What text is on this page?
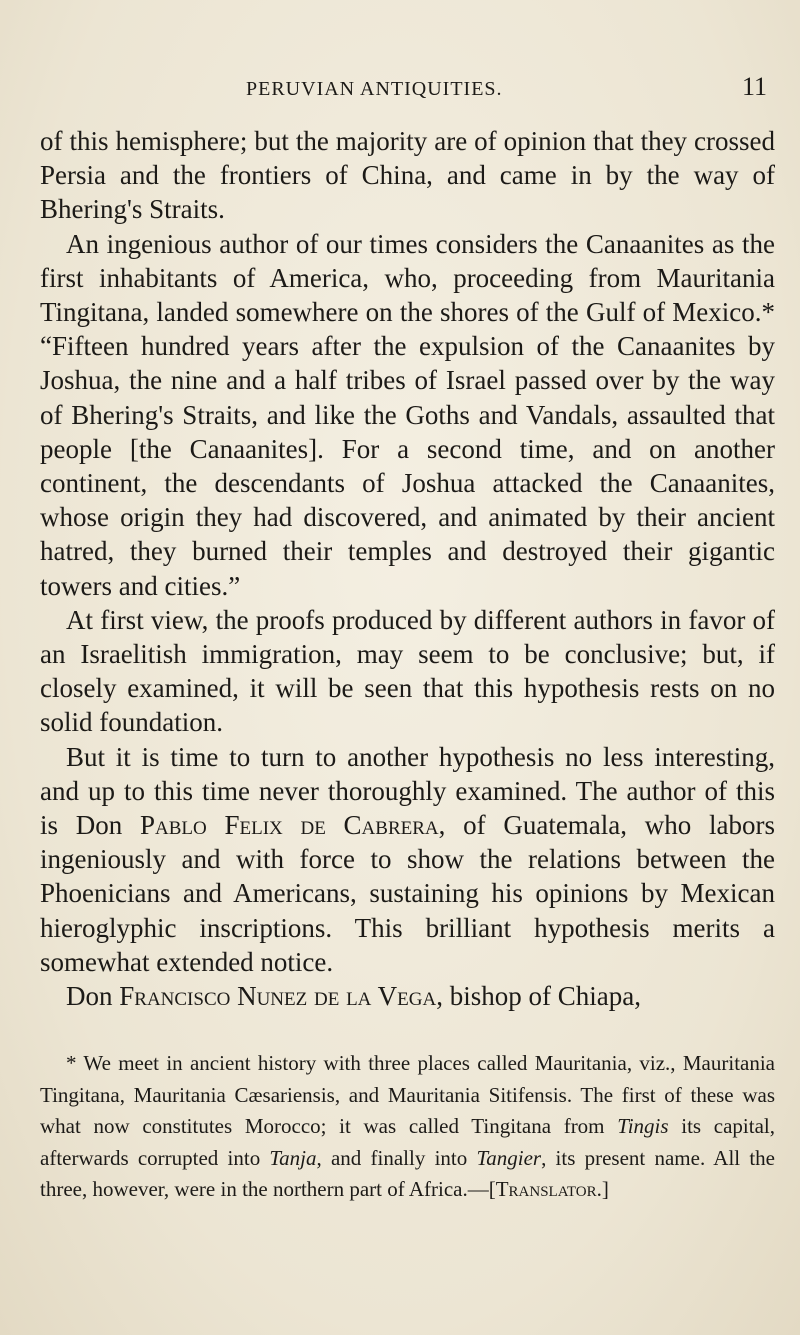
PERUVIAN ANTIQUITIES.	11

of this hemisphere; but the majority are of opinion that they crossed Persia and the frontiers of China, and came in by the way of Bhering's Straits.

An ingenious author of our times considers the Canaanites as the first inhabitants of America, who, proceeding from Mauritania Tingitana, landed somewhere on the shores of the Gulf of Mexico.* “Fifteen hundred years after the expulsion of the Canaanites by Joshua, the nine and a half tribes of Israel passed over by the way of Bhering's Straits, and like the Goths and Vandals, assaulted that people [the Canaanites]. For a second time, and on another continent, the descendants of Joshua attacked the Canaanites, whose origin they had discovered, and animated by their ancient hatred, they burned their temples and destroyed their gigantic towers and cities.”

At first view, the proofs produced by different authors in favor of an Israelitish immigration, may seem to be conclusive; but, if closely examined, it will be seen that this hypothesis rests on no solid foundation.

But it is time to turn to another hypothesis no less interesting, and up to this time never thoroughly examined. The author of this is Don Pablo Felix de Cabrera, of Guatemala, who labors ingeniously and with force to show the relations between the Phoenicians and Americans, sustaining his opinions by Mexican hieroglyphic inscriptions. This brilliant hypothesis merits a somewhat extended notice.

Don Francisco Nunez de la Vega, bishop of Chiapa,

* We meet in ancient history with three places called Mauritania, viz., Mauritania Tingitana, Mauritania Cæsariensis, and Mauritania Sitifensis. The first of these was what now constitutes Morocco; it was called Tingitana from Tingis its capital, afterwards corrupted into Tanja, and finally into Tangier, its present name. All the three, however, were in the northern part of Africa.—[Translator.]
